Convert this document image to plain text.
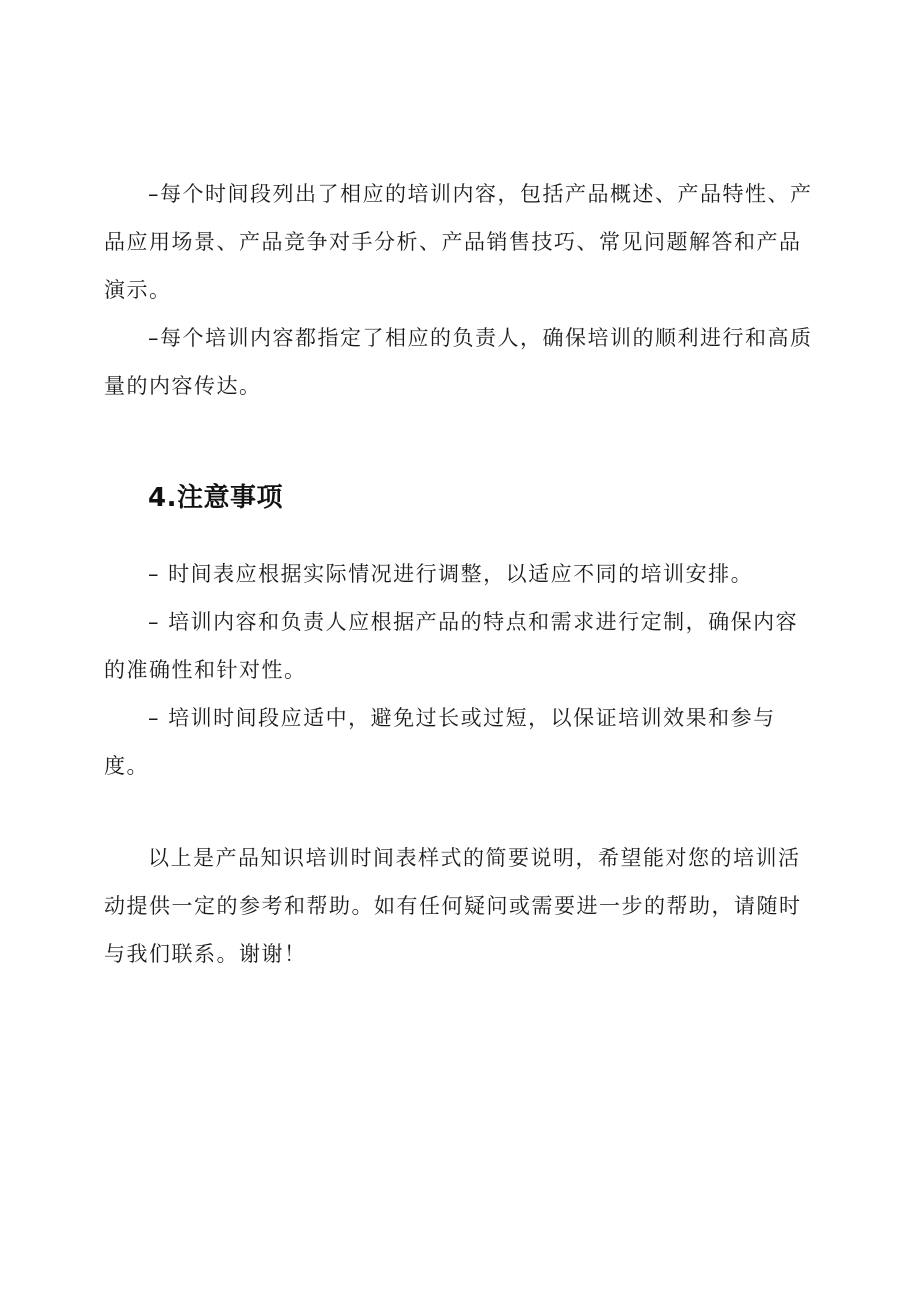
–每个时间段列出了相应的培训内容，包括产品概述、产品特性、产品应用场景、产品竞争对手分析、产品销售技巧、常见问题解答和产品演示。

–每个培训内容都指定了相应的负责人，确保培训的顺利进行和高质量的内容传达。

4.注意事项

– 时间表应根据实际情况进行调整，以适应不同的培训安排。

– 培训内容和负责人应根据产品的特点和需求进行定制，确保内容的准确性和针对性。

– 培训时间段应适中，避免过长或过短，以保证培训效果和参与度。

以上是产品知识培训时间表样式的简要说明，希望能对您的培训活动提供一定的参考和帮助。如有任何疑问或需要进一步的帮助，请随时与我们联系。谢谢！
